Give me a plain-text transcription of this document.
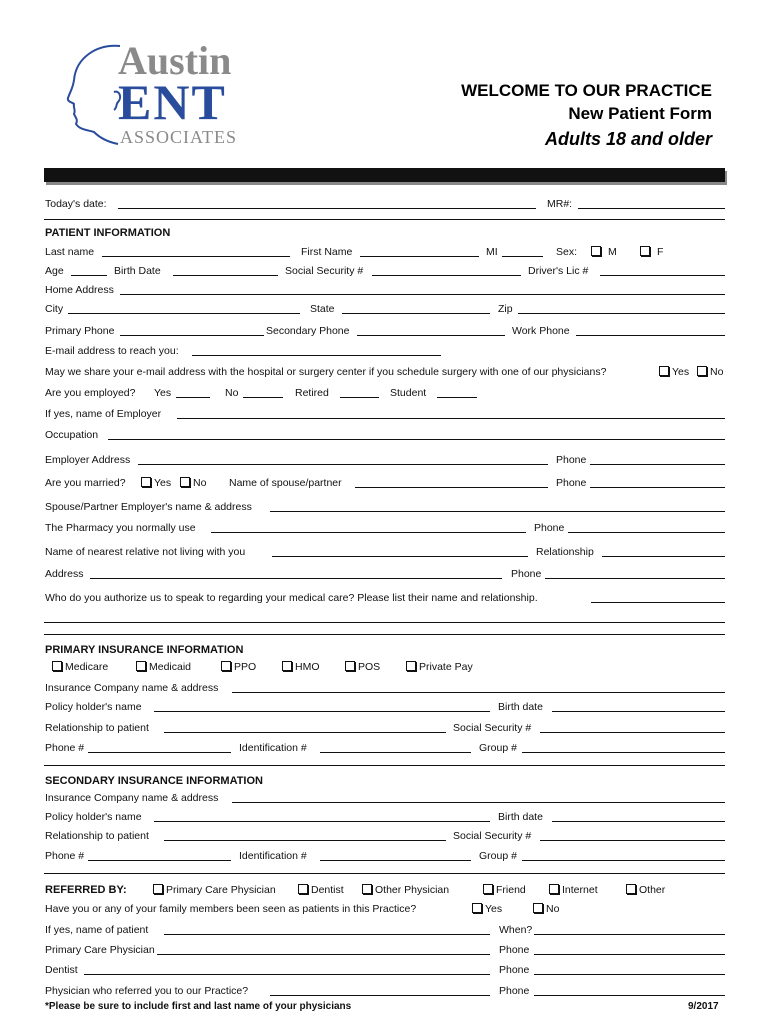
Austin
ENT
ASSOCIATES
WELCOME TO OUR PRACTICE
New Patient Form
Adults 18 and older
Today's date:	MR#:
PATIENT INFORMATION
Last name	First Name	MI	Sex:	M	F
Age	Birth Date	Social Security #	Driver's Lic #
Home Address
City	State	Zip
Primary Phone	Secondary Phone	Work Phone
E-mail address to reach you:
May we share your e-mail address with the hospital or surgery center if you schedule surgery with one of our physicians?	Yes	No
Are you employed? Yes	No	Retired	Student
If yes, name of Employer
Occupation
Employer Address	Phone
Are you married?	Yes	No Name of spouse/partner	Phone
Spouse/Partner Employer's name & address
The Pharmacy you normally use	Phone
Name of nearest relative not living with you	Relationship
Address	Phone
Who do you authorize us to speak to regarding your medical care? Please list their name and relationship.
PRIMARY INSURANCE INFORMATION
Medicare	Medicaid	PPO	HMO	POS	Private Pay
Insurance Company name & address
Policy holder's name	Birth date
Relationship to patient	Social Security #
Phone #	Identification #	Group #
SECONDARY INSURANCE INFORMATION
Insurance Company name & address
Policy holder's name	Birth date
Relationship to patient	Social Security #
Phone #	Identification #	Group #
REFERRED BY:	Primary Care Physician	Dentist	Other Physician	Friend	Internet	Other
Have you or any of your family members been seen as patients in this Practice?	Yes	No
If yes, name of patient	When?
Primary Care Physician	Phone
Dentist	Phone
Physician who referred you to our Practice?	Phone
*Please be sure to include first and last name of your physicians	9/2017
